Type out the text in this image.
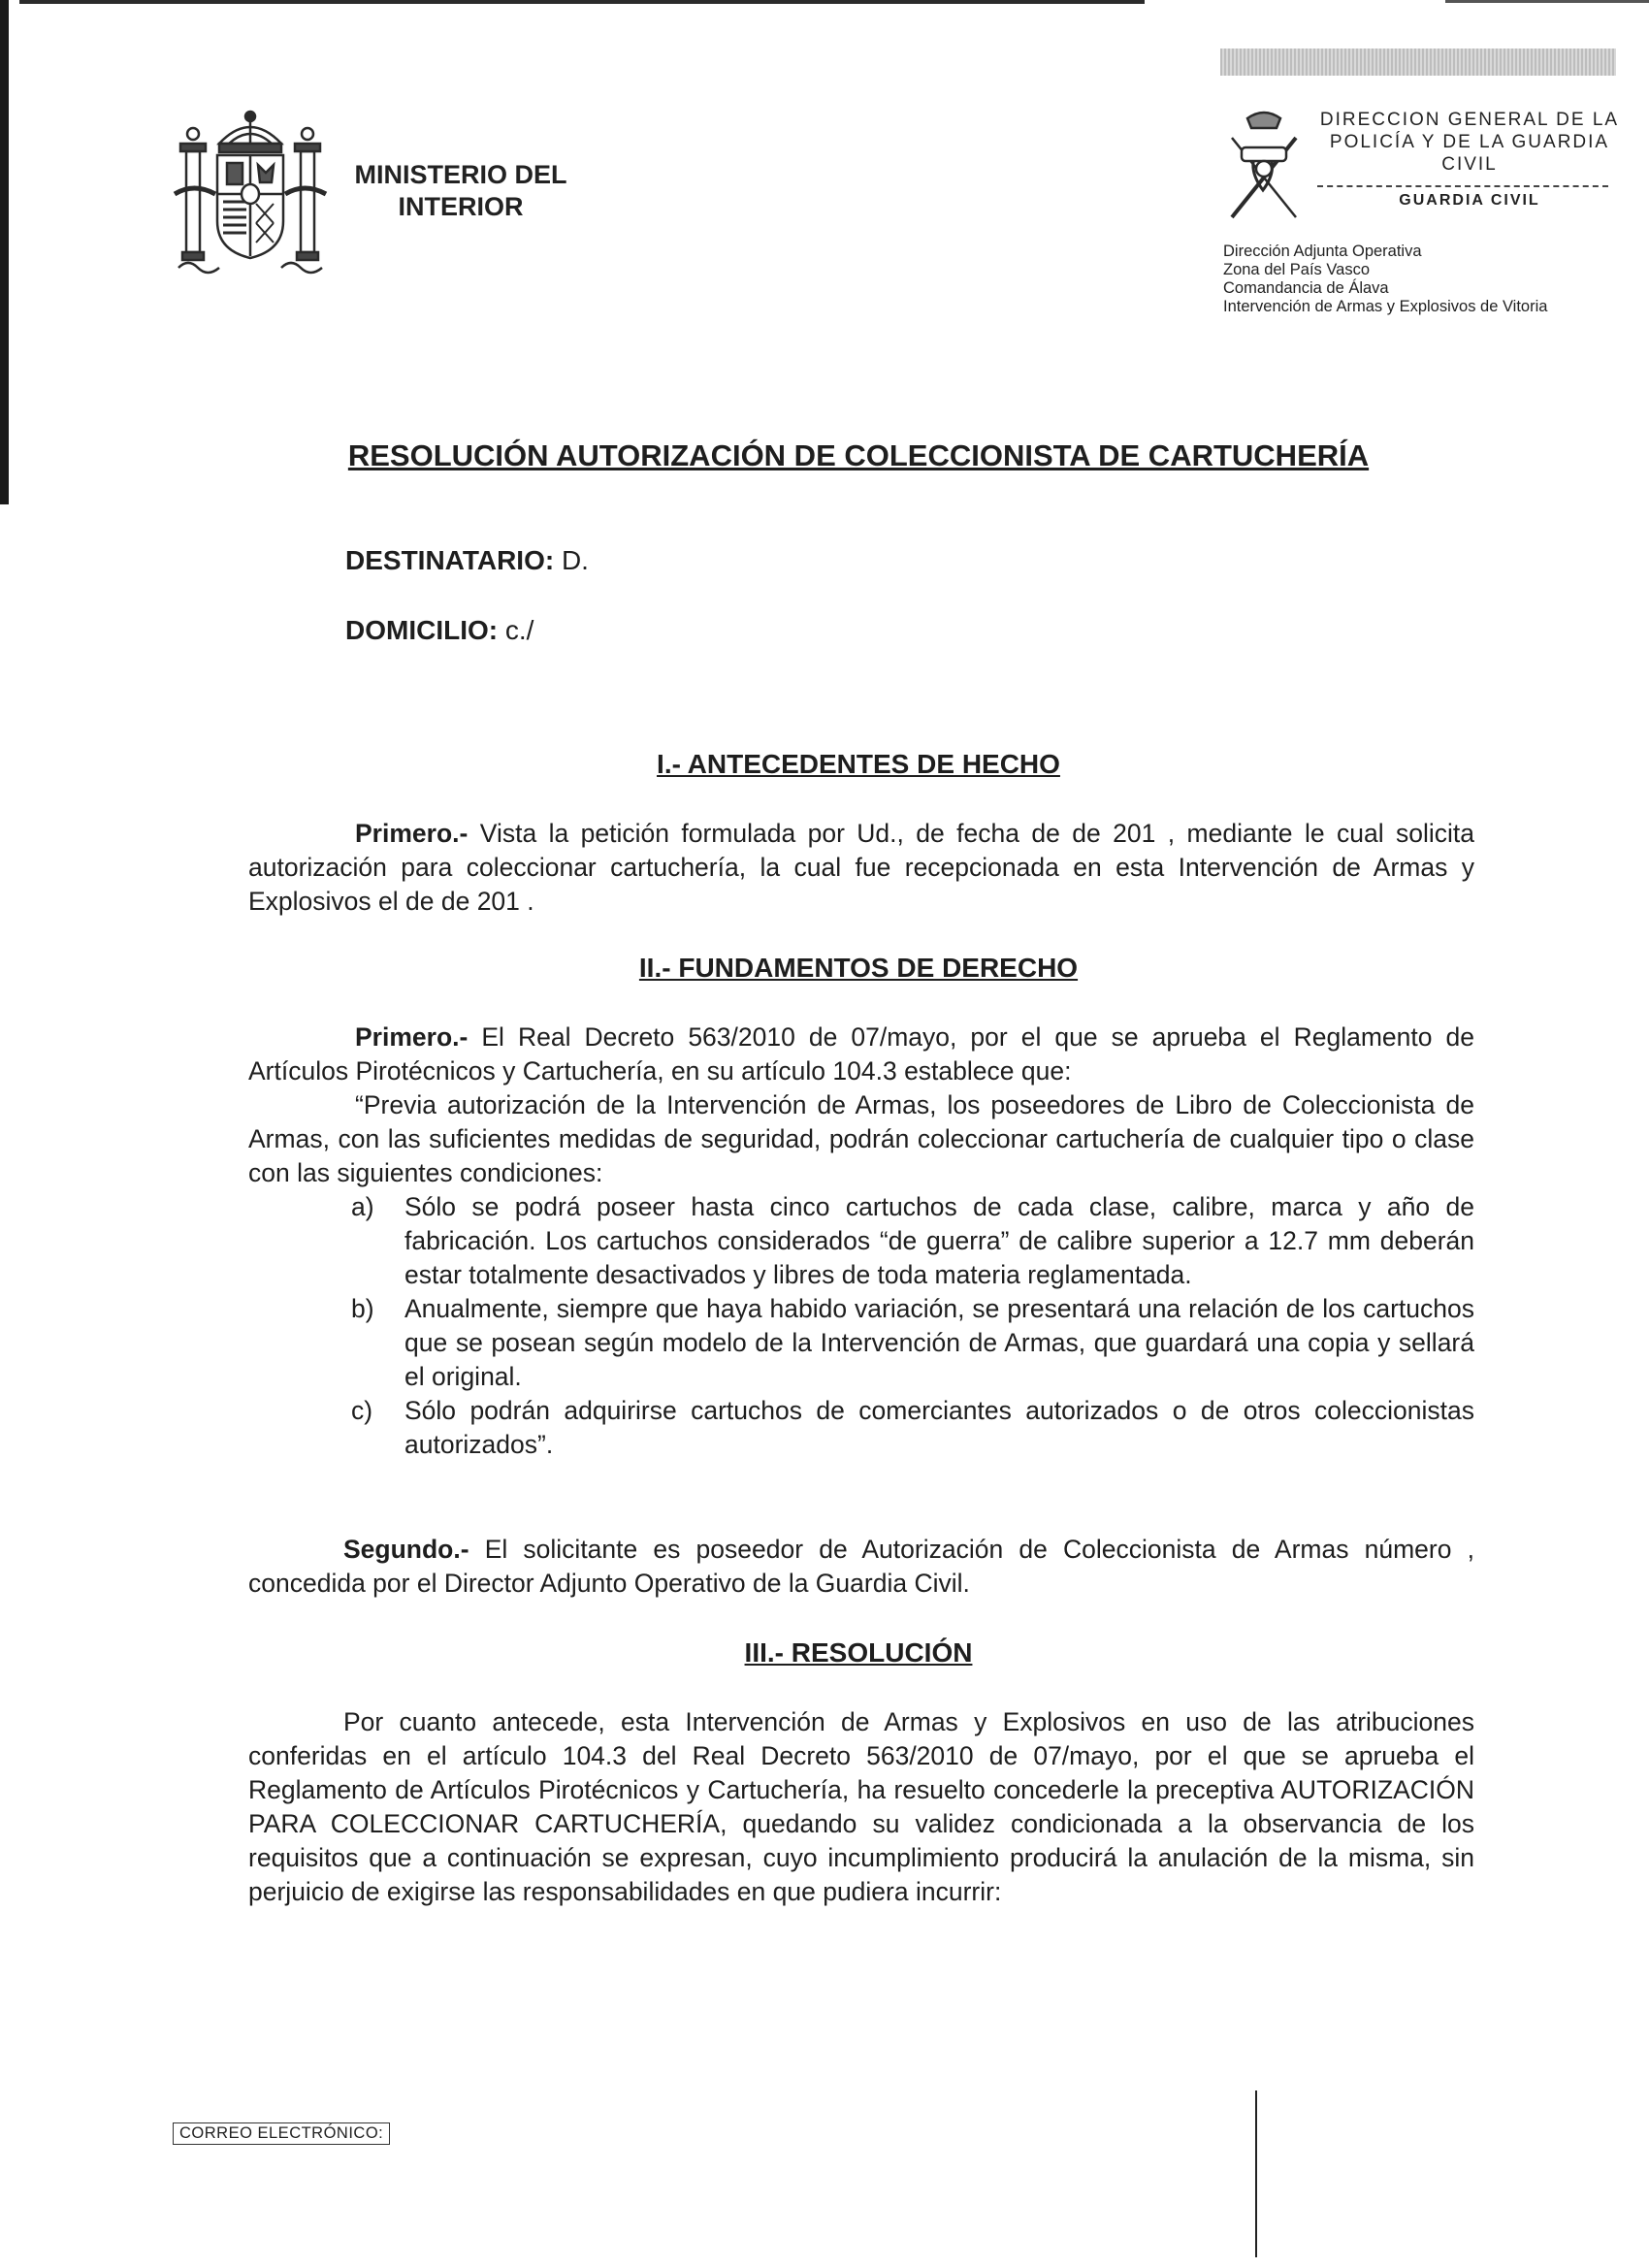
MINISTERIO DEL INTERIOR
DIRECCION GENERAL DE LA POLICÍA Y DE LA GUARDIA CIVIL
GUARDIA CIVIL
Dirección Adjunta Operativa
Zona del País Vasco
Comandancia de Álava
Intervención de Armas y Explosivos de Vitoria
RESOLUCIÓN AUTORIZACIÓN DE COLECCIONISTA DE CARTUCHERÍA
DESTINATARIO: D.
DOMICILIO: c./
I.- ANTECEDENTES DE HECHO
Primero.- Vista la petición formulada por Ud., de fecha de de 201 , mediante le cual solicita autorización para coleccionar cartuchería, la cual fue recepcionada en esta Intervención de Armas y Explosivos el de de 201 .
II.- FUNDAMENTOS DE DERECHO
Primero.- El Real Decreto 563/2010 de 07/mayo, por el que se aprueba el Reglamento de Artículos Pirotécnicos y Cartuchería, en su artículo 104.3 establece que:
“Previa autorización de la Intervención de Armas, los poseedores de Libro de Coleccionista de Armas, con las suficientes medidas de seguridad, podrán coleccionar cartuchería de cualquier tipo o clase con las siguientes condiciones:
a) Sólo se podrá poseer hasta cinco cartuchos de cada clase, calibre, marca y año de fabricación. Los cartuchos considerados “de guerra” de calibre superior a 12.7 mm deberán estar totalmente desactivados y libres de toda materia reglamentada.
b) Anualmente, siempre que haya habido variación, se presentará una relación de los cartuchos que se posean según modelo de la Intervención de Armas, que guardará una copia y sellará el original.
c) Sólo podrán adquirirse cartuchos de comerciantes autorizados o de otros coleccionistas autorizados”.
Segundo.- El solicitante es poseedor de Autorización de Coleccionista de Armas número , concedida por el Director Adjunto Operativo de la Guardia Civil.
III.- RESOLUCIÓN
Por cuanto antecede, esta Intervención de Armas y Explosivos en uso de las atribuciones conferidas en el artículo 104.3 del Real Decreto 563/2010 de 07/mayo, por el que se aprueba el Reglamento de Artículos Pirotécnicos y Cartuchería, ha resuelto concederle la preceptiva AUTORIZACIÓN PARA COLECCIONAR CARTUCHERÍA, quedando su validez condicionada a la observancia de los requisitos que a continuación se expresan, cuyo incumplimiento producirá la anulación de la misma, sin perjuicio de exigirse las responsabilidades en que pudiera incurrir:
CORREO ELECTRÓNICO:
